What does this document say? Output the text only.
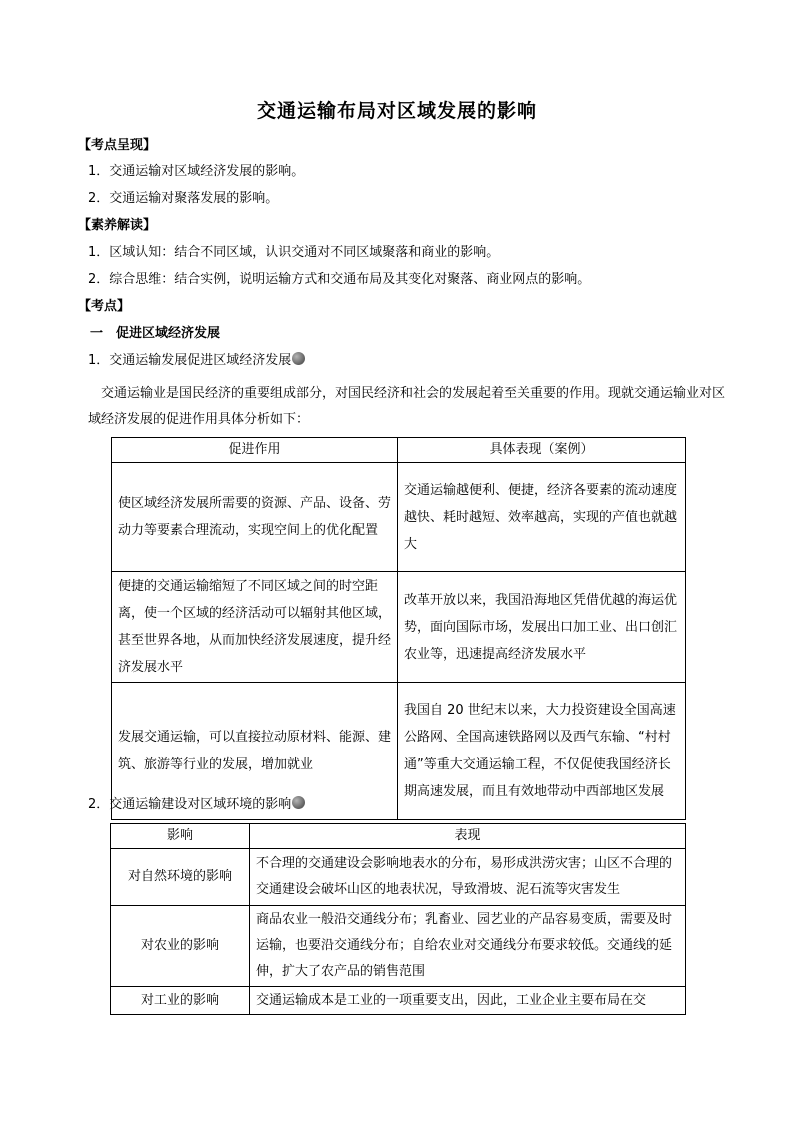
交通运输布局对区域发展的影响
【考点呈现】
1．交通运输对区域经济发展的影响。
2．交通运输对聚落发展的影响。
【素养解读】
1．区域认知：结合不同区域，认识交通对不同区域聚落和商业的影响。
2．综合思维：结合实例，说明运输方式和交通布局及其变化对聚落、商业网点的影响。
【考点】
一　促进区域经济发展
1．交通运输发展促进区域经济发展
交通运输业是国民经济的重要组成部分，对国民经济和社会的发展起着至关重要的作用。现就交通运输业对区域经济发展的促进作用具体分析如下：
促进作用	具体表现（案例）
使区域经济发展所需要的资源、产品、设备、劳动力等要素合理流动，实现空间上的优化配置	交通运输越便利、便捷，经济各要素的流动速度越快、耗时越短、效率越高，实现的产值也就越大
便捷的交通运输缩短了不同区域之间的时空距离，使一个区域的经济活动可以辐射其他区域，甚至世界各地，从而加快经济发展速度，提升经济发展水平	改革开放以来，我国沿海地区凭借优越的海运优势，面向国际市场，发展出口加工业、出口创汇农业等，迅速提高经济发展水平
发展交通运输，可以直接拉动原材料、能源、建筑、旅游等行业的发展，增加就业	我国自 20 世纪末以来，大力投资建设全国高速公路网、全国高速铁路网以及西气东输、“村村通”等重大交通运输工程，不仅促使我国经济长期高速发展，而且有效地带动中西部地区发展
2．交通运输建设对区域环境的影响
影响	表现
对自然环境的影响	不合理的交通建设会影响地表水的分布，易形成洪涝灾害；山区不合理的交通建设会破坏山区的地表状况，导致滑坡、泥石流等灾害发生
对农业的影响	商品农业一般沿交通线分布；乳畜业、园艺业的产品容易变质，需要及时运输，也要沿交通线分布；自给农业对交通线分布要求较低。交通线的延伸，扩大了农产品的销售范围
对工业的影响	交通运输成本是工业的一项重要支出，因此，工业企业主要布局在交
